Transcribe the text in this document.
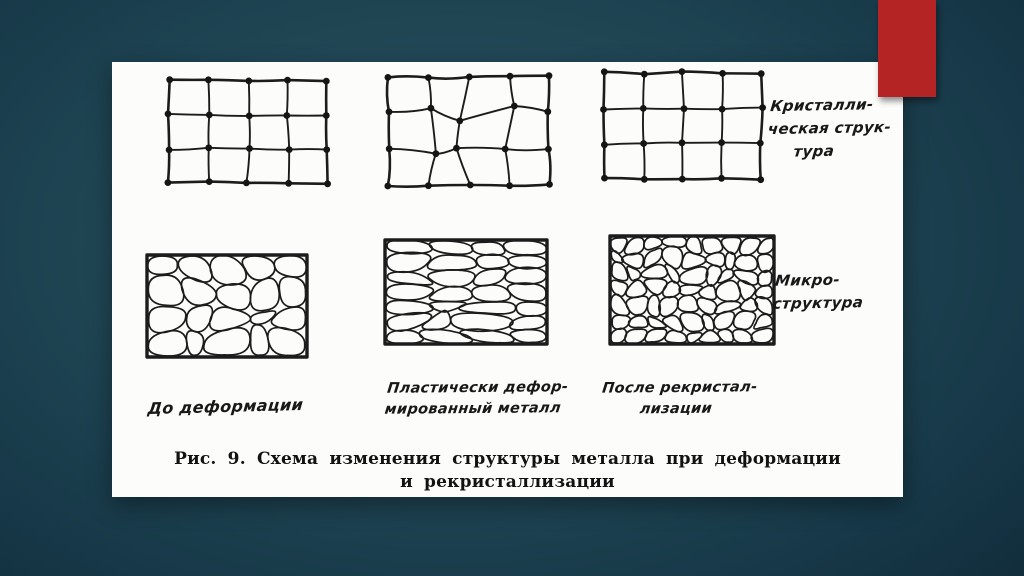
Кристалли-
ческая струк-
тура
Микро-
структура
До деформации
Пластически дефор-
мированный металл
После рекристал-
лизации
Рис. 9. Схема изменения структуры металла при деформации
и рекристаллизации
